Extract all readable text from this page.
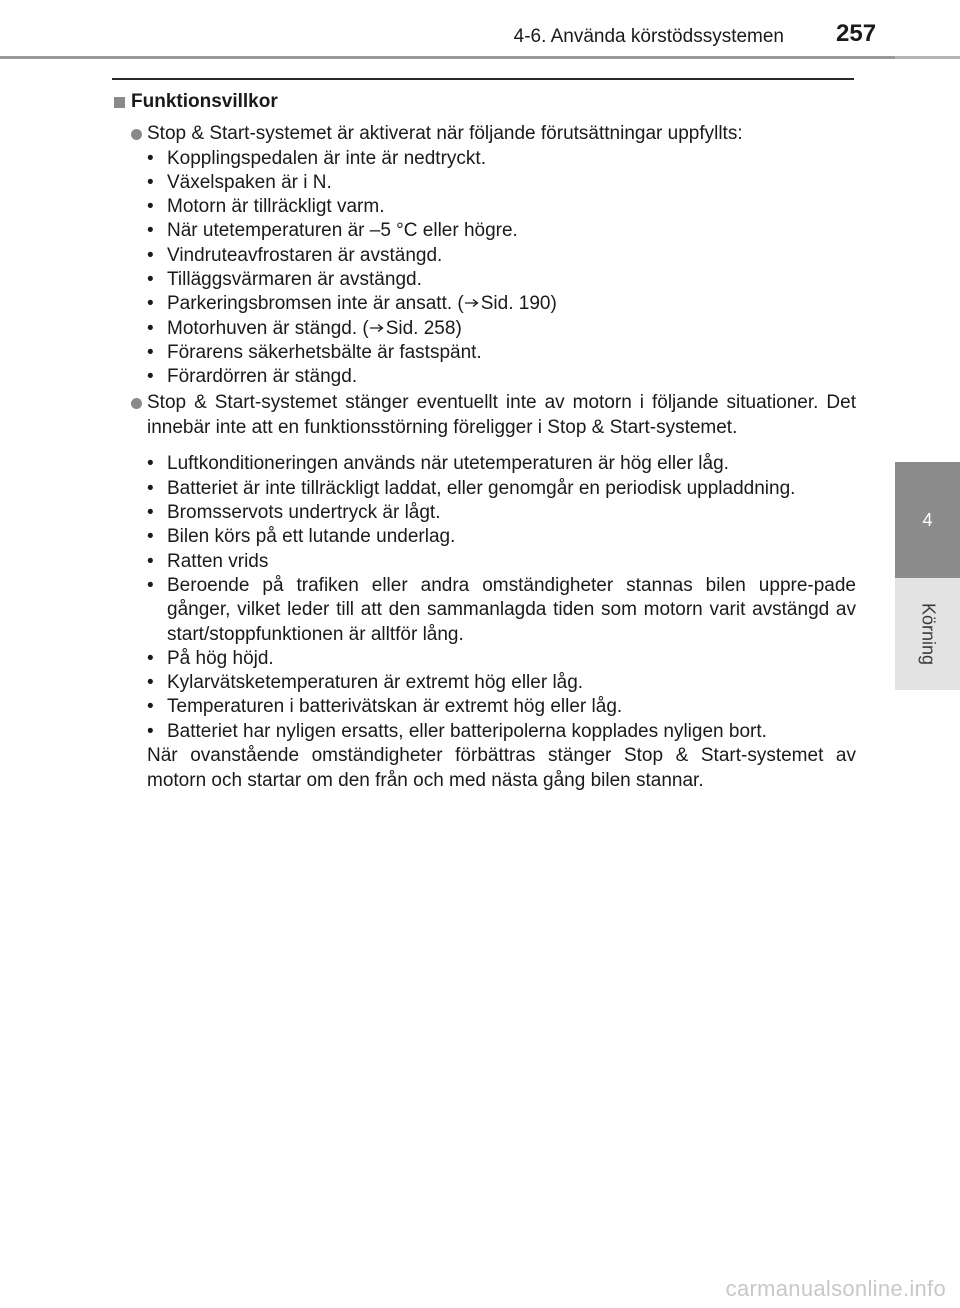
4-6. Använda körstödssystemen 257
4
Körning
Funktionsvillkor
Stop & Start-systemet är aktiverat när följande förutsättningar uppfyllts:
• Kopplingspedalen är inte är nedtryckt.
• Växelspaken är i N.
• Motorn är tillräckligt varm.
• När utetemperaturen är –5 °C eller högre.
• Vindruteavfrostaren är avstängd.
• Tilläggsvärmaren är avstängd.
• Parkeringsbromsen inte är ansatt. ( Sid. 190)
• Motorhuven är stängd. ( Sid. 258)
• Förarens säkerhetsbälte är fastspänt.
• Förardörren är stängd.
Stop & Start-systemet stänger eventuellt inte av motorn i följande situationer. Det innebär inte att en funktionsstörning föreligger i Stop & Start-systemet.
• Luftkonditioneringen används när utetemperaturen är hög eller låg.
• Batteriet är inte tillräckligt laddat, eller genomgår en periodisk uppladdning.
• Bromsservots undertryck är lågt.
• Bilen körs på ett lutande underlag.
• Ratten vrids
• Beroende på trafiken eller andra omständigheter stannas bilen uppre-pade gånger, vilket leder till att den sammanlagda tiden som motorn varit avstängd av start/stoppfunktionen är alltför lång.
• På hög höjd.
• Kylarvätsketemperaturen är extremt hög eller låg.
• Temperaturen i batterivätskan är extremt hög eller låg.
• Batteriet har nyligen ersatts, eller batteripolerna kopplades nyligen bort.
När ovanstående omständigheter förbättras stänger Stop & Start-systemet av motorn och startar om den från och med nästa gång bilen stannar.
carmanualsonline.info
